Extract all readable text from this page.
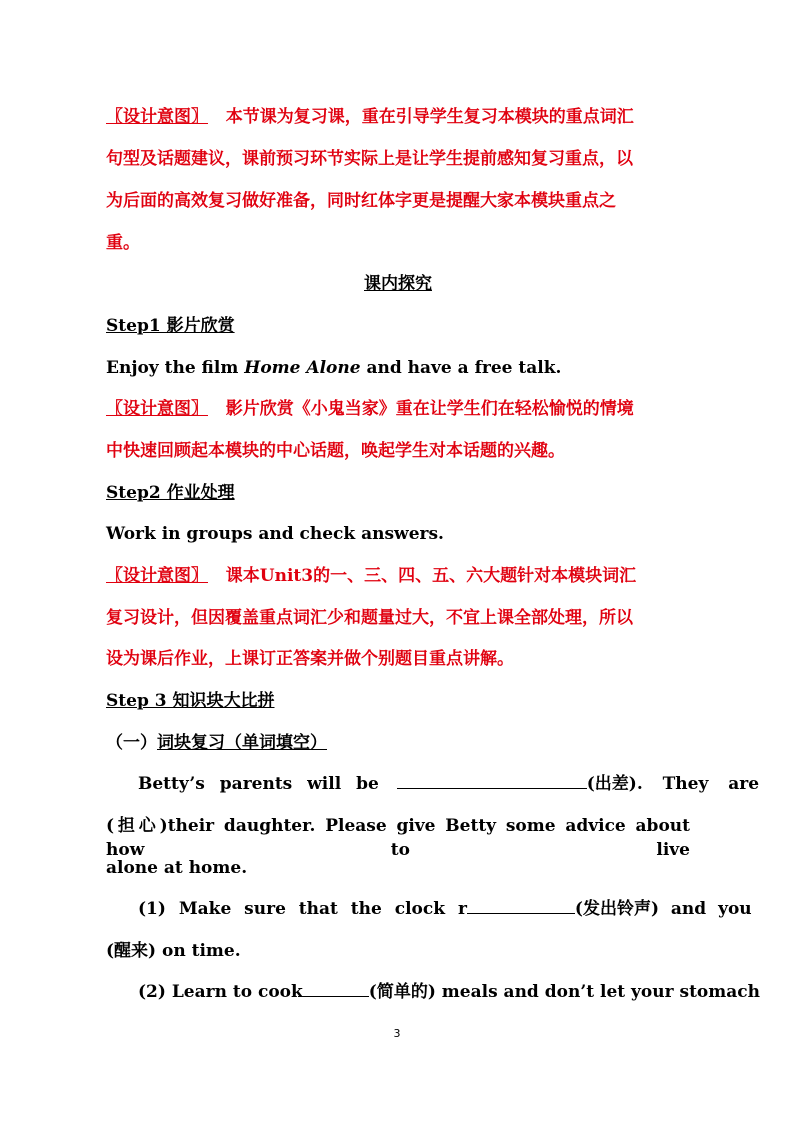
〖设计意图〗 本节课为复习课，重在引导学生复习本模块的重点词汇
句型及话题建议，课前预习环节实际上是让学生提前感知复习重点，以
为后面的高效复习做好准备，同时红体字更是提醒大家本模块重点之
重。
课内探究
Step1 影片欣赏
Enjoy the film Home Alone and have a free talk.
〖设计意图〗 影片欣赏《小鬼当家》重在让学生们在轻松愉悦的情境
中快速回顾起本模块的中心话题，唤起学生对本话题的兴趣。
Step2 作业处理
Work in groups and check answers.
〖设计意图〗 课本Unit3的一、三、四、五、六大题针对本模块词汇
复习设计，但因覆盖重点词汇少和题量过大，不宜上课全部处理，所以
设为课后作业，上课订正答案并做个别题目重点讲解。
Step 3 知识块大比拼
（一）词块复习（单词填空）
Betty’s parents will be	(出差). They are
(担心)their daughter. Please give Betty some advice about how to live
alone at home.
(1) Make sure that the clock r	(发出铃声) and you
(醒来) on time.
(2) Learn to cook	(简单的) meals and don’t let your stomach
3
